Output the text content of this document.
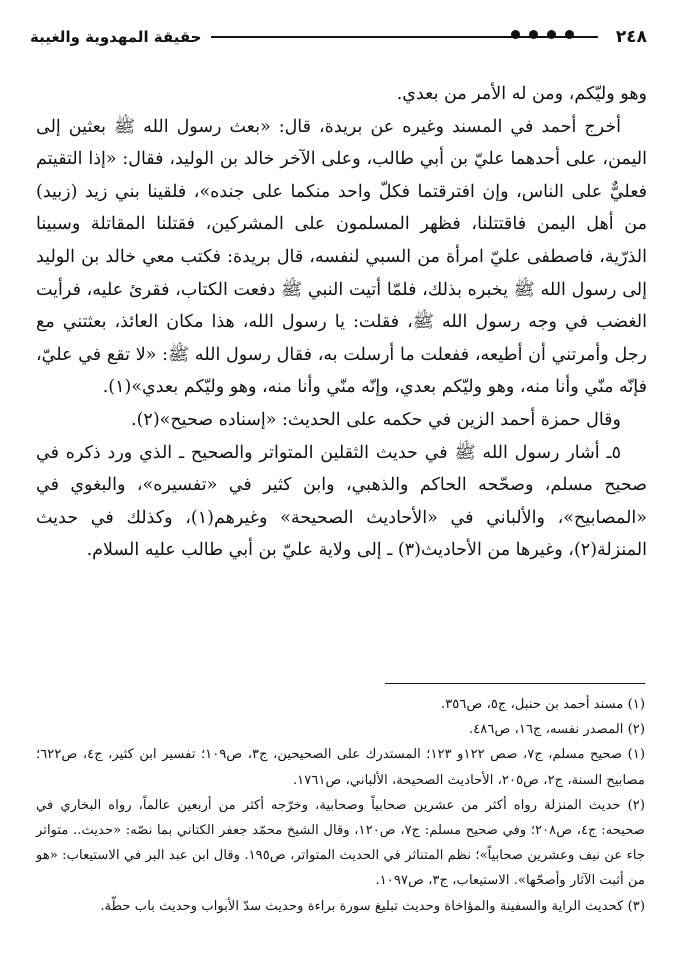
٢٤٨
حقيقة المهدوية والغيبة

وهو وليّكم، ومن له الأمر من بعدي.

أخرج أحمد في المسند وغيره عن بريدة، قال: «بعث رسول الله ﷺ بعثين إلى اليمن، على أحدهما عليّ بن أبي طالب، وعلى الآخر خالد بن الوليد، فقال: «إذا التقيتم فعليٌّ على الناس، وإن افترقتما فكلّ واحد منكما على جنده»، فلقينا بني زيد (زبيد) من أهل اليمن فاقتتلنا، فظهر المسلمون على المشركين، فقتلنا المقاتلة وسبينا الذرّية، فاصطفى عليّ امرأة من السبي لنفسه، قال بريدة: فكتب معي خالد بن الوليد إلى رسول الله ﷺ يخبره بذلك، فلمّا أتيت النبي ﷺ دفعت الكتاب، فقرئ عليه، فرأيت الغضب في وجه رسول الله ﷺ، فقلت: يا رسول الله، هذا مكان العائذ، بعثتني مع رجل وأمرتني أن أطيعه، ففعلت ما أرسلت به، فقال رسول الله ﷺ: «لا تقع في عليّ، فإنّه منّي وأنا منه، وهو وليّكم بعدي، وإنّه منّي وأنا منه، وهو وليّكم بعدي»(١).

وقال حمزة أحمد الزين في حكمه على الحديث: «إسناده صحيح»(٢).

٥ـ أشار رسول الله ﷺ في حديث الثقلين المتواتر والصحيح ـ الذي ورد ذكره في صحيح مسلم، وصحّحه الحاكم والذهبي، وابن كثير في «تفسيره»، والبغوي في «المصابيح»، والألباني في «الأحاديث الصحيحة» وغيرهم(١)، وكذلك في حديث المنزلة(٢)، وغيرها من الأحاديث(٣) ـ إلى ولاية عليّ بن أبي طالب عليه السلام.

(١) مسند أحمد بن حنبل، ج٥، ص٣٥٦.

(٢) المصدر نفسه، ج١٦، ص٤٨٦.

(١) صحيح مسلم، ج٧، صص ١٢٢و ١٢٣؛ المستدرك على الصحيحين، ج٣، ص١٠٩؛ تفسير ابن كثير، ج٤، ص٦٢٢؛ مصابيح السنة، ج٢، ص٢٠٥، الأحاديث الصحيحة، الألباني، ص١٧٦١.

(٢) حديث المنزلة رواه أكثر من عشرين صحابياً وصحابية، وخرّجه أكثر من أربعين عالماً، رواه البخاري في صحيحه: ج٤، ص٢٠٨؛ وفي صحيح مسلم: ج٧، ص١٢٠، وقال الشيخ محمّد جعفر الكتاني بما نصّه: «حديث.. متواتر جاء عن نيف وعشرين صحابياً»؛ نظم المتناثر في الحديث المتواتر، ص١٩٥. وقال ابن عبد البر في الاستيعاب: «هو من أثبت الآثار وأصحّها». الاستيعاب، ج٣، ص١٠٩٧.

(٣) كحديث الراية والسفينة والمؤاخاة وحديث تبليغ سورة براءة وحديث سدّ الأبواب وحديث باب حطّة.
